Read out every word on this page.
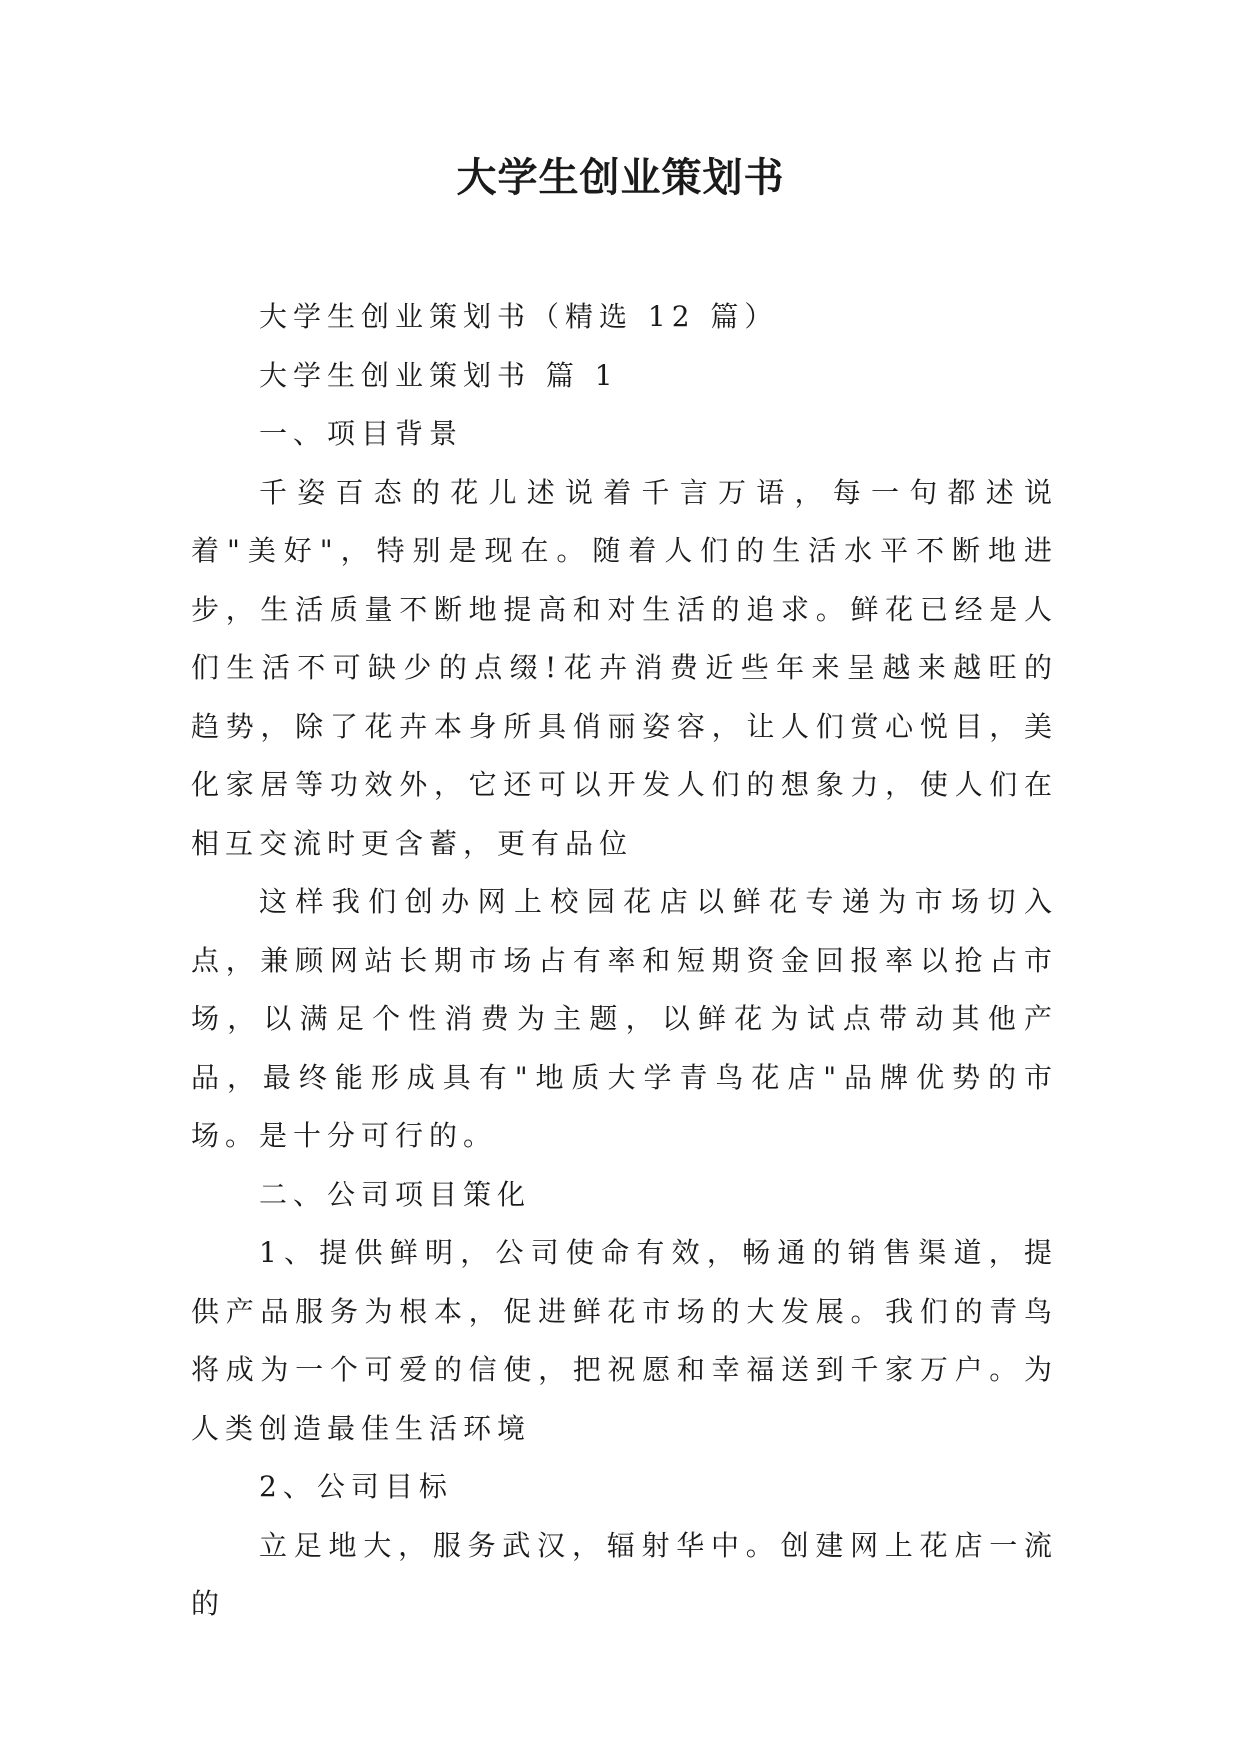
大学生创业策划书

大学生创业策划书（精选 12 篇）

大学生创业策划书 篇 1

一、项目背景

千姿百态的花儿述说着千言万语，每一句都述说着"美好"，特别是现在。随着人们的生活水平不断地进步，生活质量不断地提高和对生活的追求。鲜花已经是人们生活不可缺少的点缀!花卉消费近些年来呈越来越旺的趋势，除了花卉本身所具俏丽姿容，让人们赏心悦目，美化家居等功效外，它还可以开发人们的想象力，使人们在相互交流时更含蓄，更有品位

这样我们创办网上校园花店以鲜花专递为市场切入点，兼顾网站长期市场占有率和短期资金回报率以抢占市场，以满足个性消费为主题，以鲜花为试点带动其他产品，最终能形成具有"地质大学青鸟花店"品牌优势的市场。是十分可行的。

二、公司项目策化

1、提供鲜明，公司使命有效，畅通的销售渠道，提供产品服务为根本，促进鲜花市场的大发展。我们的青鸟将成为一个可爱的信使，把祝愿和幸福送到千家万户。为人类创造最佳生活环境

2、公司目标

立足地大，服务武汉，辐射华中。创建网上花店一流的
